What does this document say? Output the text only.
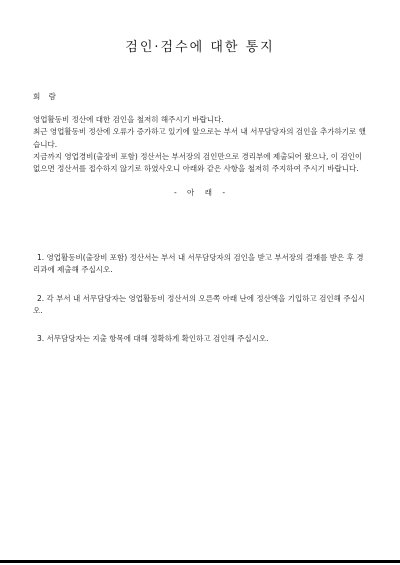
검인·검수에 대한 통지
회 람

영업활동비 정산에 대한 검인을 철저히 해주시기 바랍니다.

최근 영업활동비 정산에 오류가 증가하고 있기에 앞으로는 부서 내 서무담당자의 검인을 추가하기로 했습니다.

지금까지 영업경비(출장비 포함) 정산서는 부서장의 검인만으로 경리부에 제출되어 왔으나, 이 검인이 없으면 정산서를 접수하지 않기로 하였사오니 아래와 같은 사항을 철저히 주지하여 주시기 바랍니다.

- 아 래 -

1. 영업활동비(출장비 포함) 정산서는 부서 내 서무담당자의 검인을 받고 부서장의 결재를 받은 후 경리과에 제출해 주십시오.

2. 각 부서 내 서무담당자는 영업활동비 정산서의 오른쪽 아래 난에 정산액을 기입하고 검인해 주십시오.

3. 서무담당자는 지출 항목에 대해 정확하게 확인하고 검인해 주십시오.
